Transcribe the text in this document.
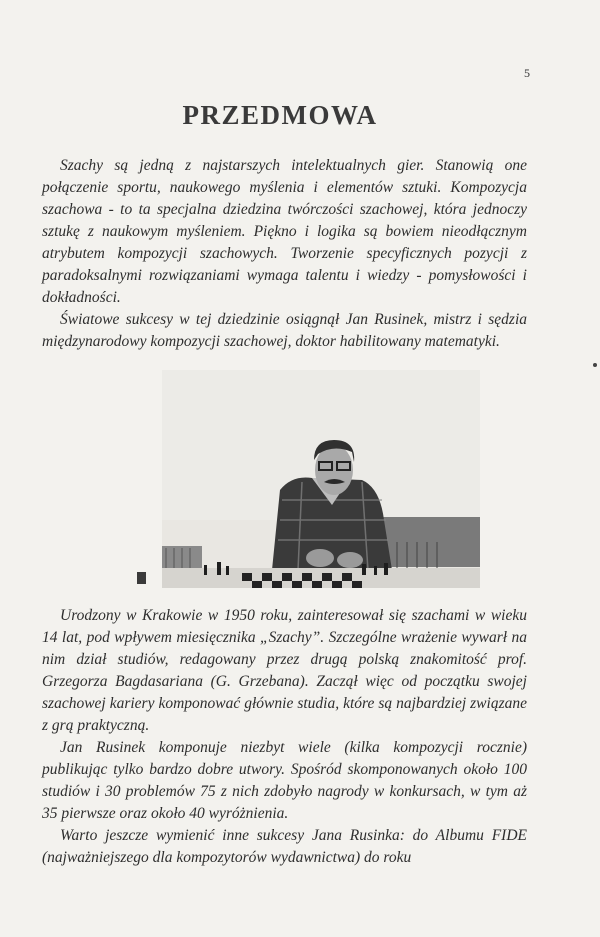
5
PRZEDMOWA

Szachy są jedną z najstarszych intelektualnych gier. Stanowią one połączenie sportu, naukowego myślenia i elementów sztuki. Kompozycja szachowa - to ta specjalna dziedzina twórczości szachowej, która jednoczy sztukę z naukowym myśleniem. Piękno i logika są bowiem nieodłącznym atrybutem kompozycji szachowych. Tworzenie specyficznych pozycji z paradoksalnymi rozwiązaniami wymaga talentu i wiedzy - pomysłowości i dokładności.

Światowe sukcesy w tej dziedzinie osiągnął Jan Rusinek, mistrz i sędzia międzynarodowy kompozycji szachowej, doktor habilitowany matematyki.

Urodzony w Krakowie w 1950 roku, zainteresował się szachami w wieku 14 lat, pod wpływem miesięcznika „Szachy”. Szczególne wrażenie wywarł na nim dział studiów, redagowany przez drugą polską znakomitość prof. Grzegorza Bagdasariana (G. Grzebana). Zaczął więc od początku swojej szachowej kariery komponować głównie studia, które są najbardziej związane z grą praktyczną.

Jan Rusinek komponuje niezbyt wiele (kilka kompozycji rocznie) publikując tylko bardzo dobre utwory. Spośród skomponowanych około 100 studiów i 30 problemów 75 z nich zdobyło nagrody w konkursach, w tym aż 35 pierwsze oraz około 40 wyróżnienia.

Warto jeszcze wymienić inne sukcesy Jana Rusinka: do Albumu FIDE (najważniejszego dla kompozytorów wydawnictwa) do roku
